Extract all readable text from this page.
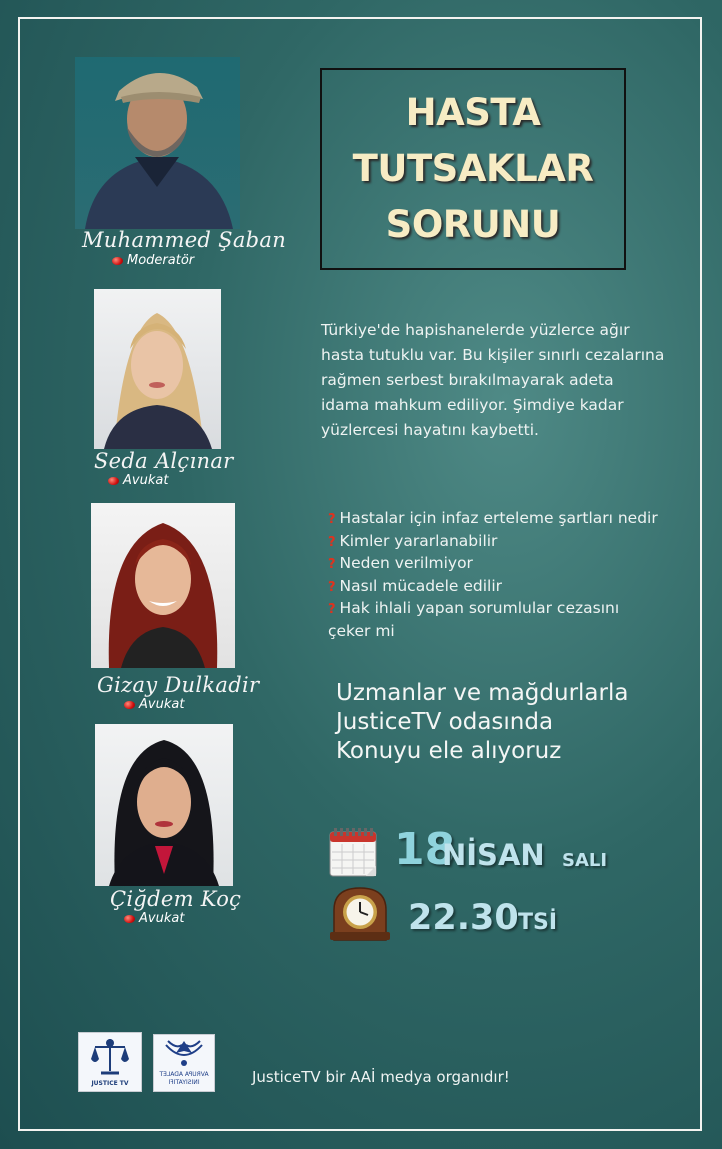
Muhammed Şaban
Moderatör
Seda Alçınar
Avukat
Gizay Dulkadir
Avukat
Çiğdem Koç
Avukat
HASTA
TUTSAKLAR
SORUNU
Türkiye'de hapishanelerde yüzlerce ağır hasta tutuklu var. Bu kişiler sınırlı cezalarına rağmen serbest bırakılmayarak adeta idama mahkum ediliyor. Şimdiye kadar yüzlercesi hayatını kaybetti.
? Hastalar için infaz erteleme şartları nedir
? Kimler yararlanabilir
? Neden verilmiyor
? Nasıl mücadele edilir
? Hak ihlali yapan sorumlular cezasını çeker mi
Uzmanlar ve mağdurlarla
JusticeTV odasında
Konuyu ele alıyoruz
18
NİSAN SALI
22.30 TSİ
JUSTICE TV
AVRUPA ADALET
İNİSİYATİFİ	JusticeTV bir AAİ medya organıdır!
